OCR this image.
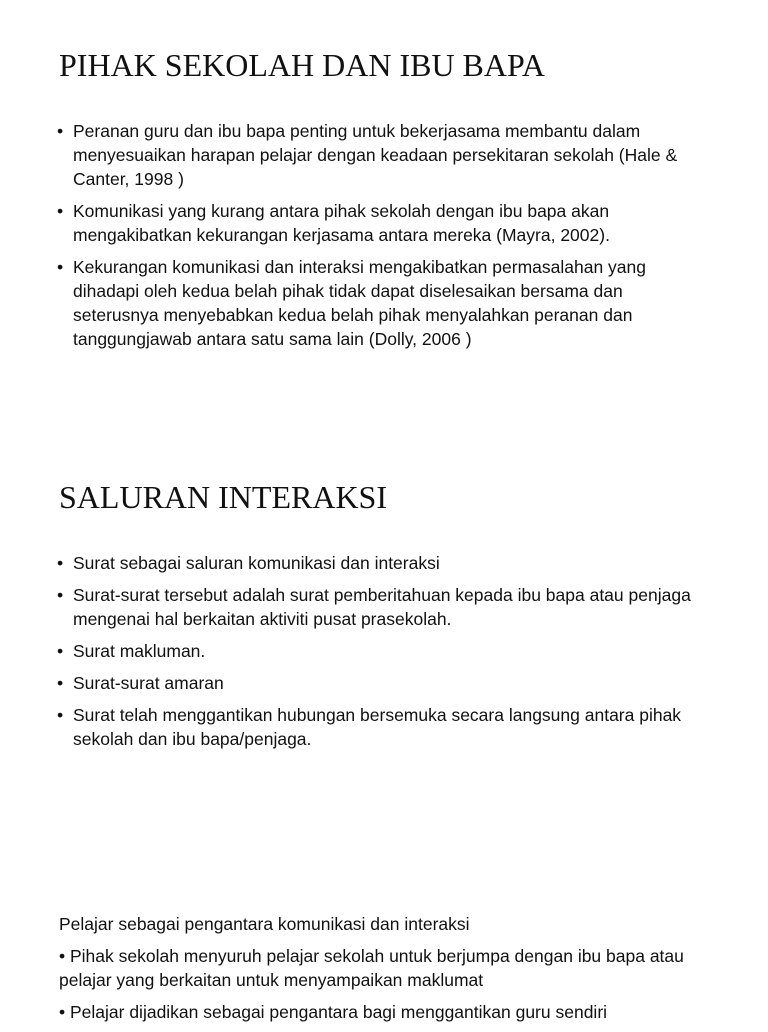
PIHAK SEKOLAH DAN IBU BAPA
• Peranan guru dan ibu bapa penting untuk bekerjasama membantu dalam menyesuaikan harapan pelajar dengan keadaan persekitaran sekolah (Hale & Canter, 1998 )
• Komunikasi yang kurang antara pihak sekolah dengan ibu bapa akan mengakibatkan kekurangan kerjasama antara mereka (Mayra, 2002).
• Kekurangan komunikasi dan interaksi mengakibatkan permasalahan yang dihadapi oleh kedua belah pihak tidak dapat diselesaikan bersama dan seterusnya menyebabkan kedua belah pihak menyalahkan peranan dan tanggungjawab antara satu sama lain (Dolly, 2006 )
SALURAN INTERAKSI
• Surat sebagai saluran komunikasi dan interaksi
• Surat-surat tersebut adalah surat pemberitahuan kepada ibu bapa atau penjaga mengenai hal berkaitan aktiviti pusat prasekolah.
• Surat makluman.
• Surat-surat amaran
• Surat telah menggantikan hubungan bersemuka secara langsung antara pihak sekolah dan ibu bapa/penjaga.

Pelajar sebagai pengantara komunikasi dan interaksi

• Pihak sekolah menyuruh pelajar sekolah untuk berjumpa dengan ibu bapa atau pelajar yang berkaitan untuk menyampaikan maklumat

• Pelajar dijadikan sebagai pengantara bagi menggantikan guru sendiri
